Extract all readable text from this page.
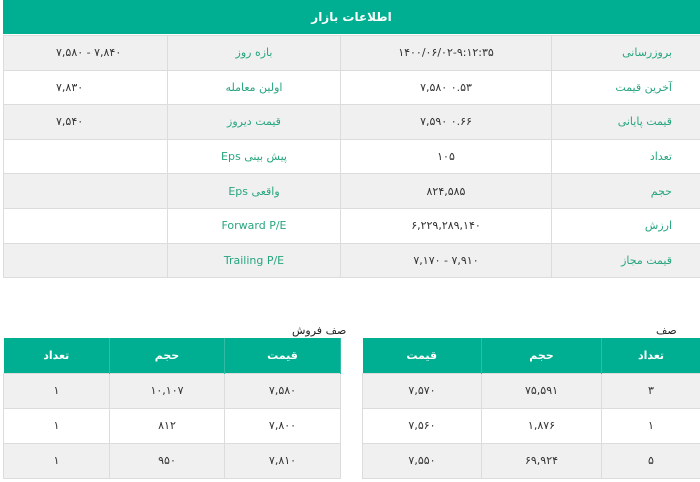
اطلاعات بازار
۷,۵۸۰ - ۷,۸۴۰	بازه روز	۱۴۰۰/۰۶/۰۲-۹:۱۲:۳۵	بروزرسانی
۷,۸۳۰	اولین معامله	۷,۵۸۰ ۰.۵۳	آخرین قیمت
۷,۵۴۰	قیمت دیروز	۷,۵۹۰ ۰.۶۶	قیمت پایانی
	Eps پیش بینی	۱۰۵	تعداد
	Eps واقعی	۸۲۴,۵۸۵	حجم
	Forward P/E	۶,۲۲۹,۲۸۹,۱۴۰	ارزش
	Trailing P/E	۷,۱۷۰ - ۷,۹۱۰	قیمت مجاز
صف فروش	صف
تعداد	حجم	قیمت
۱	۱۰,۱۰۷	۷,۵۸۰
۱	۸۱۲	۷,۸۰۰
۱	۹۵۰	۷,۸۱۰
قیمت	حجم	تعداد
۷,۵۷۰	۷۵,۵۹۱	۳
۷,۵۶۰	۱,۸۷۶	۱
۷,۵۵۰	۶۹,۹۲۴	۵
